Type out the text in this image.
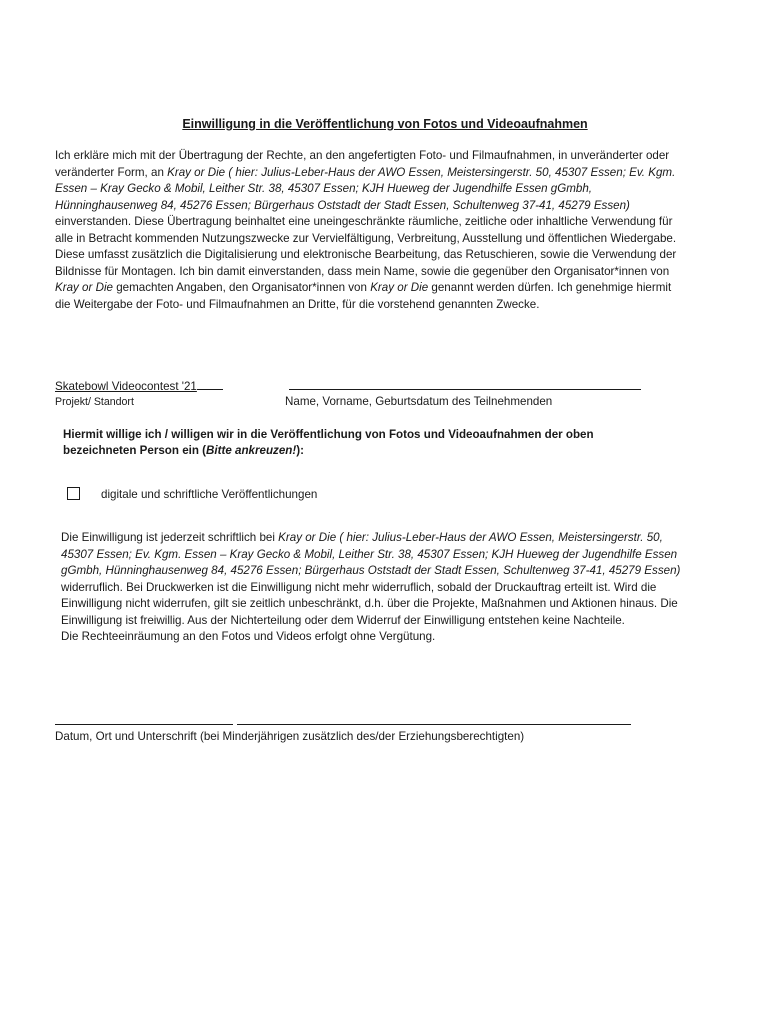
Einwilligung in die Veröffentlichung von Fotos und Videoaufnahmen
Ich erkläre mich mit der Übertragung der Rechte, an den angefertigten Foto- und Filmaufnahmen, in unveränderter oder veränderter Form, an Kray or Die ( hier: Julius-Leber-Haus der AWO Essen, Meistersingerstr. 50, 45307 Essen; Ev. Kgm. Essen – Kray Gecko & Mobil, Leither Str. 38, 45307 Essen; KJH Hueweg der Jugendhilfe Essen gGmbh, Hünninghausenweg 84, 45276 Essen; Bürgerhaus Oststadt der Stadt Essen, Schultenweg 37-41, 45279 Essen) einverstanden. Diese Übertragung beinhaltet eine uneingeschränkte räumliche, zeitliche oder inhaltliche Verwendung für alle in Betracht kommenden Nutzungszwecke zur Vervielfältigung, Verbreitung, Ausstellung und öffentlichen Wiedergabe. Diese umfasst zusätzlich die Digitalisierung und elektronische Bearbeitung, das Retuschieren, sowie die Verwendung der Bildnisse für Montagen. Ich bin damit einverstanden, dass mein Name, sowie die gegenüber den Organisator*innen von Kray or Die gemachten Angaben, den Organisator*innen von Kray or Die genannt werden dürfen. Ich genehmige hiermit die Weitergabe der Foto- und Filmaufnahmen an Dritte, für die vorstehend genannten Zwecke.
Skatebowl Videocontest '21
Projekt/ Standort	Name, Vorname, Geburtsdatum des Teilnehmenden
Hiermit willige ich / willigen wir in die Veröffentlichung von Fotos und Videoaufnahmen der oben bezeichneten Person ein (Bitte ankreuzen!):
digitale und schriftliche Veröffentlichungen

Die Einwilligung ist jederzeit schriftlich bei Kray or Die ( hier: Julius-Leber-Haus der AWO Essen, Meistersingerstr. 50, 45307 Essen; Ev. Kgm. Essen – Kray Gecko & Mobil, Leither Str. 38, 45307 Essen; KJH Hueweg der Jugendhilfe Essen gGmbh, Hünninghausenweg 84, 45276 Essen; Bürgerhaus Oststadt der Stadt Essen, Schultenweg 37-41, 45279 Essen) widerruflich. Bei Druckwerken ist die Einwilligung nicht mehr widerruflich, sobald der Druckauftrag erteilt ist. Wird die Einwilligung nicht widerrufen, gilt sie zeitlich unbeschränkt, d.h. über die Projekte, Maßnahmen und Aktionen hinaus. Die Einwilligung ist freiwillig. Aus der Nichterteilung oder dem Widerruf der Einwilligung entstehen keine Nachteile.

Die Rechteeinräumung an den Fotos und Videos erfolgt ohne Vergütung.

Datum, Ort und Unterschrift (bei Minderjährigen zusätzlich des/der Erziehungsberechtigten)
